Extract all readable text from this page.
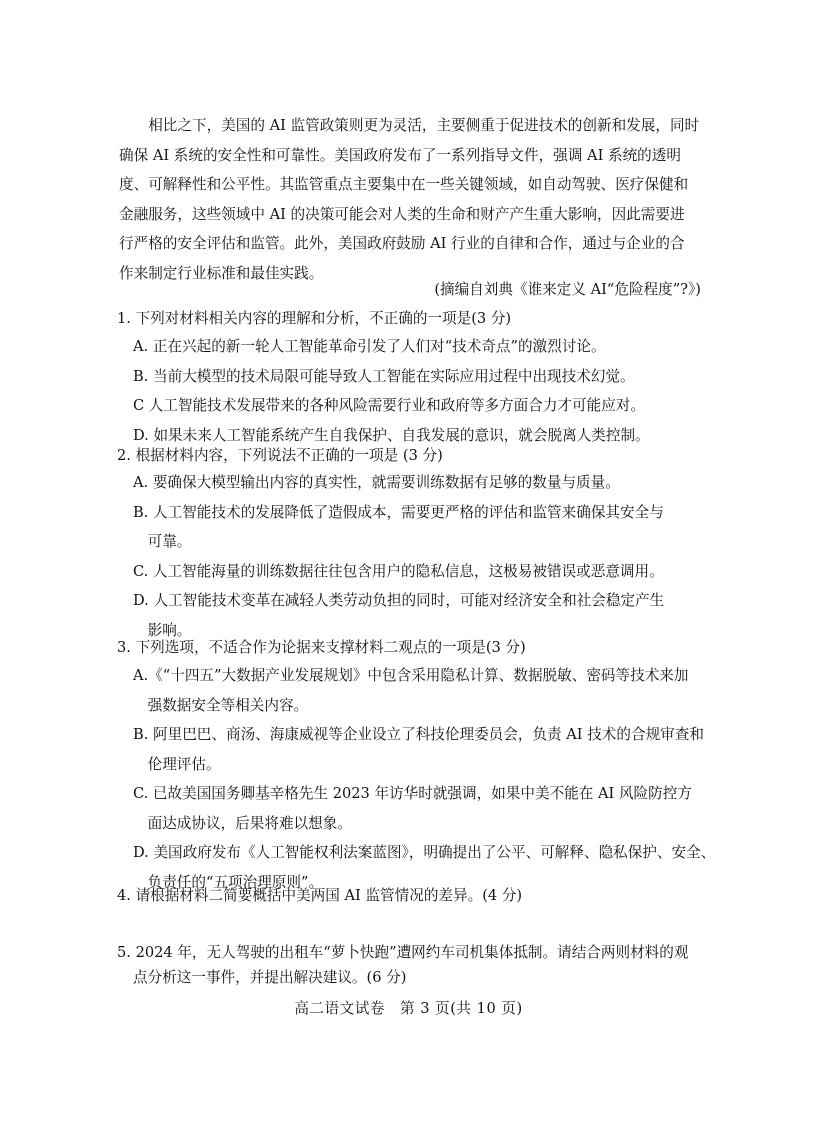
相比之下，美国的 AI 监管政策则更为灵活，主要侧重于促进技术的创新和发展，同时
确保 AI 系统的安全性和可靠性。美国政府发布了一系列指导文件，强调 AI 系统的透明
度、可解释性和公平性。其监管重点主要集中在一些关键领域，如自动驾驶、医疗保健和
金融服务，这些领域中 AI 的决策可能会对人类的生命和财产产生重大影响，因此需要进
行严格的安全评估和监管。此外，美国政府鼓励 AI 行业的自律和合作，通过与企业的合
作来制定行业标准和最佳实践。
(摘编自刘典《谁来定义 AI“危险程度”?》)
1. 下列对材料相关内容的理解和分析，不正确的一项是(3 分)
A. 正在兴起的新一轮人工智能革命引发了人们对“技术奇点”的激烈讨论。
B. 当前大模型的技术局限可能导致人工智能在实际应用过程中出现技术幻觉。
C 人工智能技术发展带来的各种风险需要行业和政府等多方面合力才可能应对。
D. 如果未来人工智能系统产生自我保护、自我发展的意识，就会脱离人类控制。
2. 根据材料内容，下列说法不正确的一项是 (3 分)
A. 要确保大模型输出内容的真实性，就需要训练数据有足够的数量与质量。
B. 人工智能技术的发展降低了造假成本，需要更严格的评估和监管来确保其安全与
可靠。
C. 人工智能海量的训练数据往往包含用户的隐私信息，这极易被错误或恶意调用。
D. 人工智能技术变革在减轻人类劳动负担的同时，可能对经济安全和社会稳定产生
影响。
3. 下列选项，不适合作为论据来支撑材料二观点的一项是(3 分)
A.《“十四五”大数据产业发展规划》中包含采用隐私计算、数据脱敏、密码等技术来加
强数据安全等相关内容。
B. 阿里巴巴、商汤、海康威视等企业设立了科技伦理委员会，负责 AI 技术的合规审查和
伦理评估。
C. 已故美国国务卿基辛格先生 2023 年访华时就强调，如果中美不能在 AI 风险防控方
面达成协议，后果将难以想象。
D. 美国政府发布《人工智能权利法案蓝图》，明确提出了公平、可解释、隐私保护、安全、
负责任的“五项治理原则”。
4. 请根据材料二简要概括中美两国 AI 监管情况的差异。(4 分)
5. 2024 年，无人驾驶的出租车“萝卜快跑”遭网约车司机集体抵制。请结合两则材料的观
点分析这一事件，并提出解决建议。(6 分)
高二语文试卷　第 3 页(共 10 页)
